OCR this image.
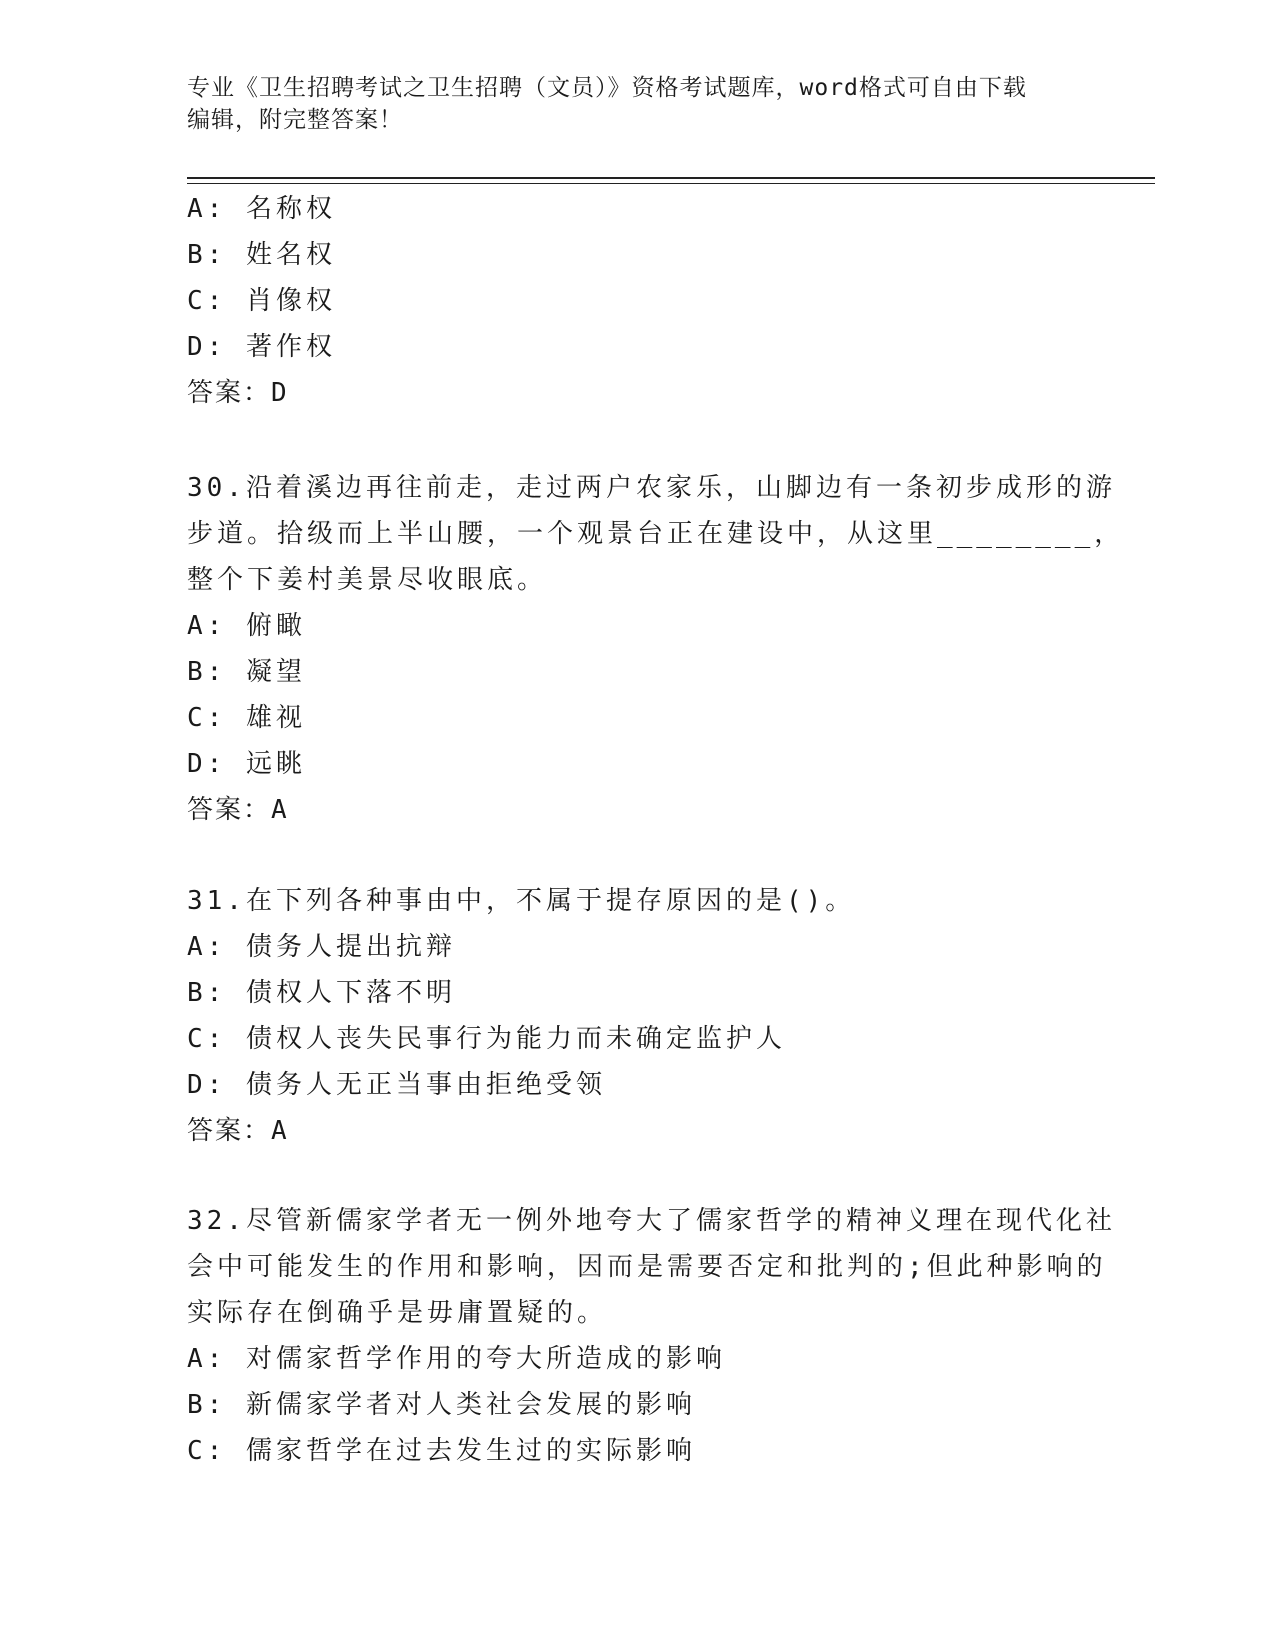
专业《卫生招聘考试之卫生招聘（文员）》资格考试题库，word格式可自由下载
编辑，附完整答案！
A: 名称权
B: 姓名权
C: 肖像权
D: 著作权
答案：D
30.沿着溪边再往前走，走过两户农家乐，山脚边有一条初步成形的游
步道。拾级而上半山腰，一个观景台正在建设中，从这里________，
整个下姜村美景尽收眼底。
A: 俯瞰
B: 凝望
C: 雄视
D: 远眺
答案：A
31.在下列各种事由中，不属于提存原因的是()。
A: 债务人提出抗辩
B: 债权人下落不明
C: 债权人丧失民事行为能力而未确定监护人
D: 债务人无正当事由拒绝受领
答案：A
32.尽管新儒家学者无一例外地夸大了儒家哲学的精神义理在现代化社
会中可能发生的作用和影响，因而是需要否定和批判的;但此种影响的
实际存在倒确乎是毋庸置疑的。
A: 对儒家哲学作用的夸大所造成的影响
B: 新儒家学者对人类社会发展的影响
C: 儒家哲学在过去发生过的实际影响
